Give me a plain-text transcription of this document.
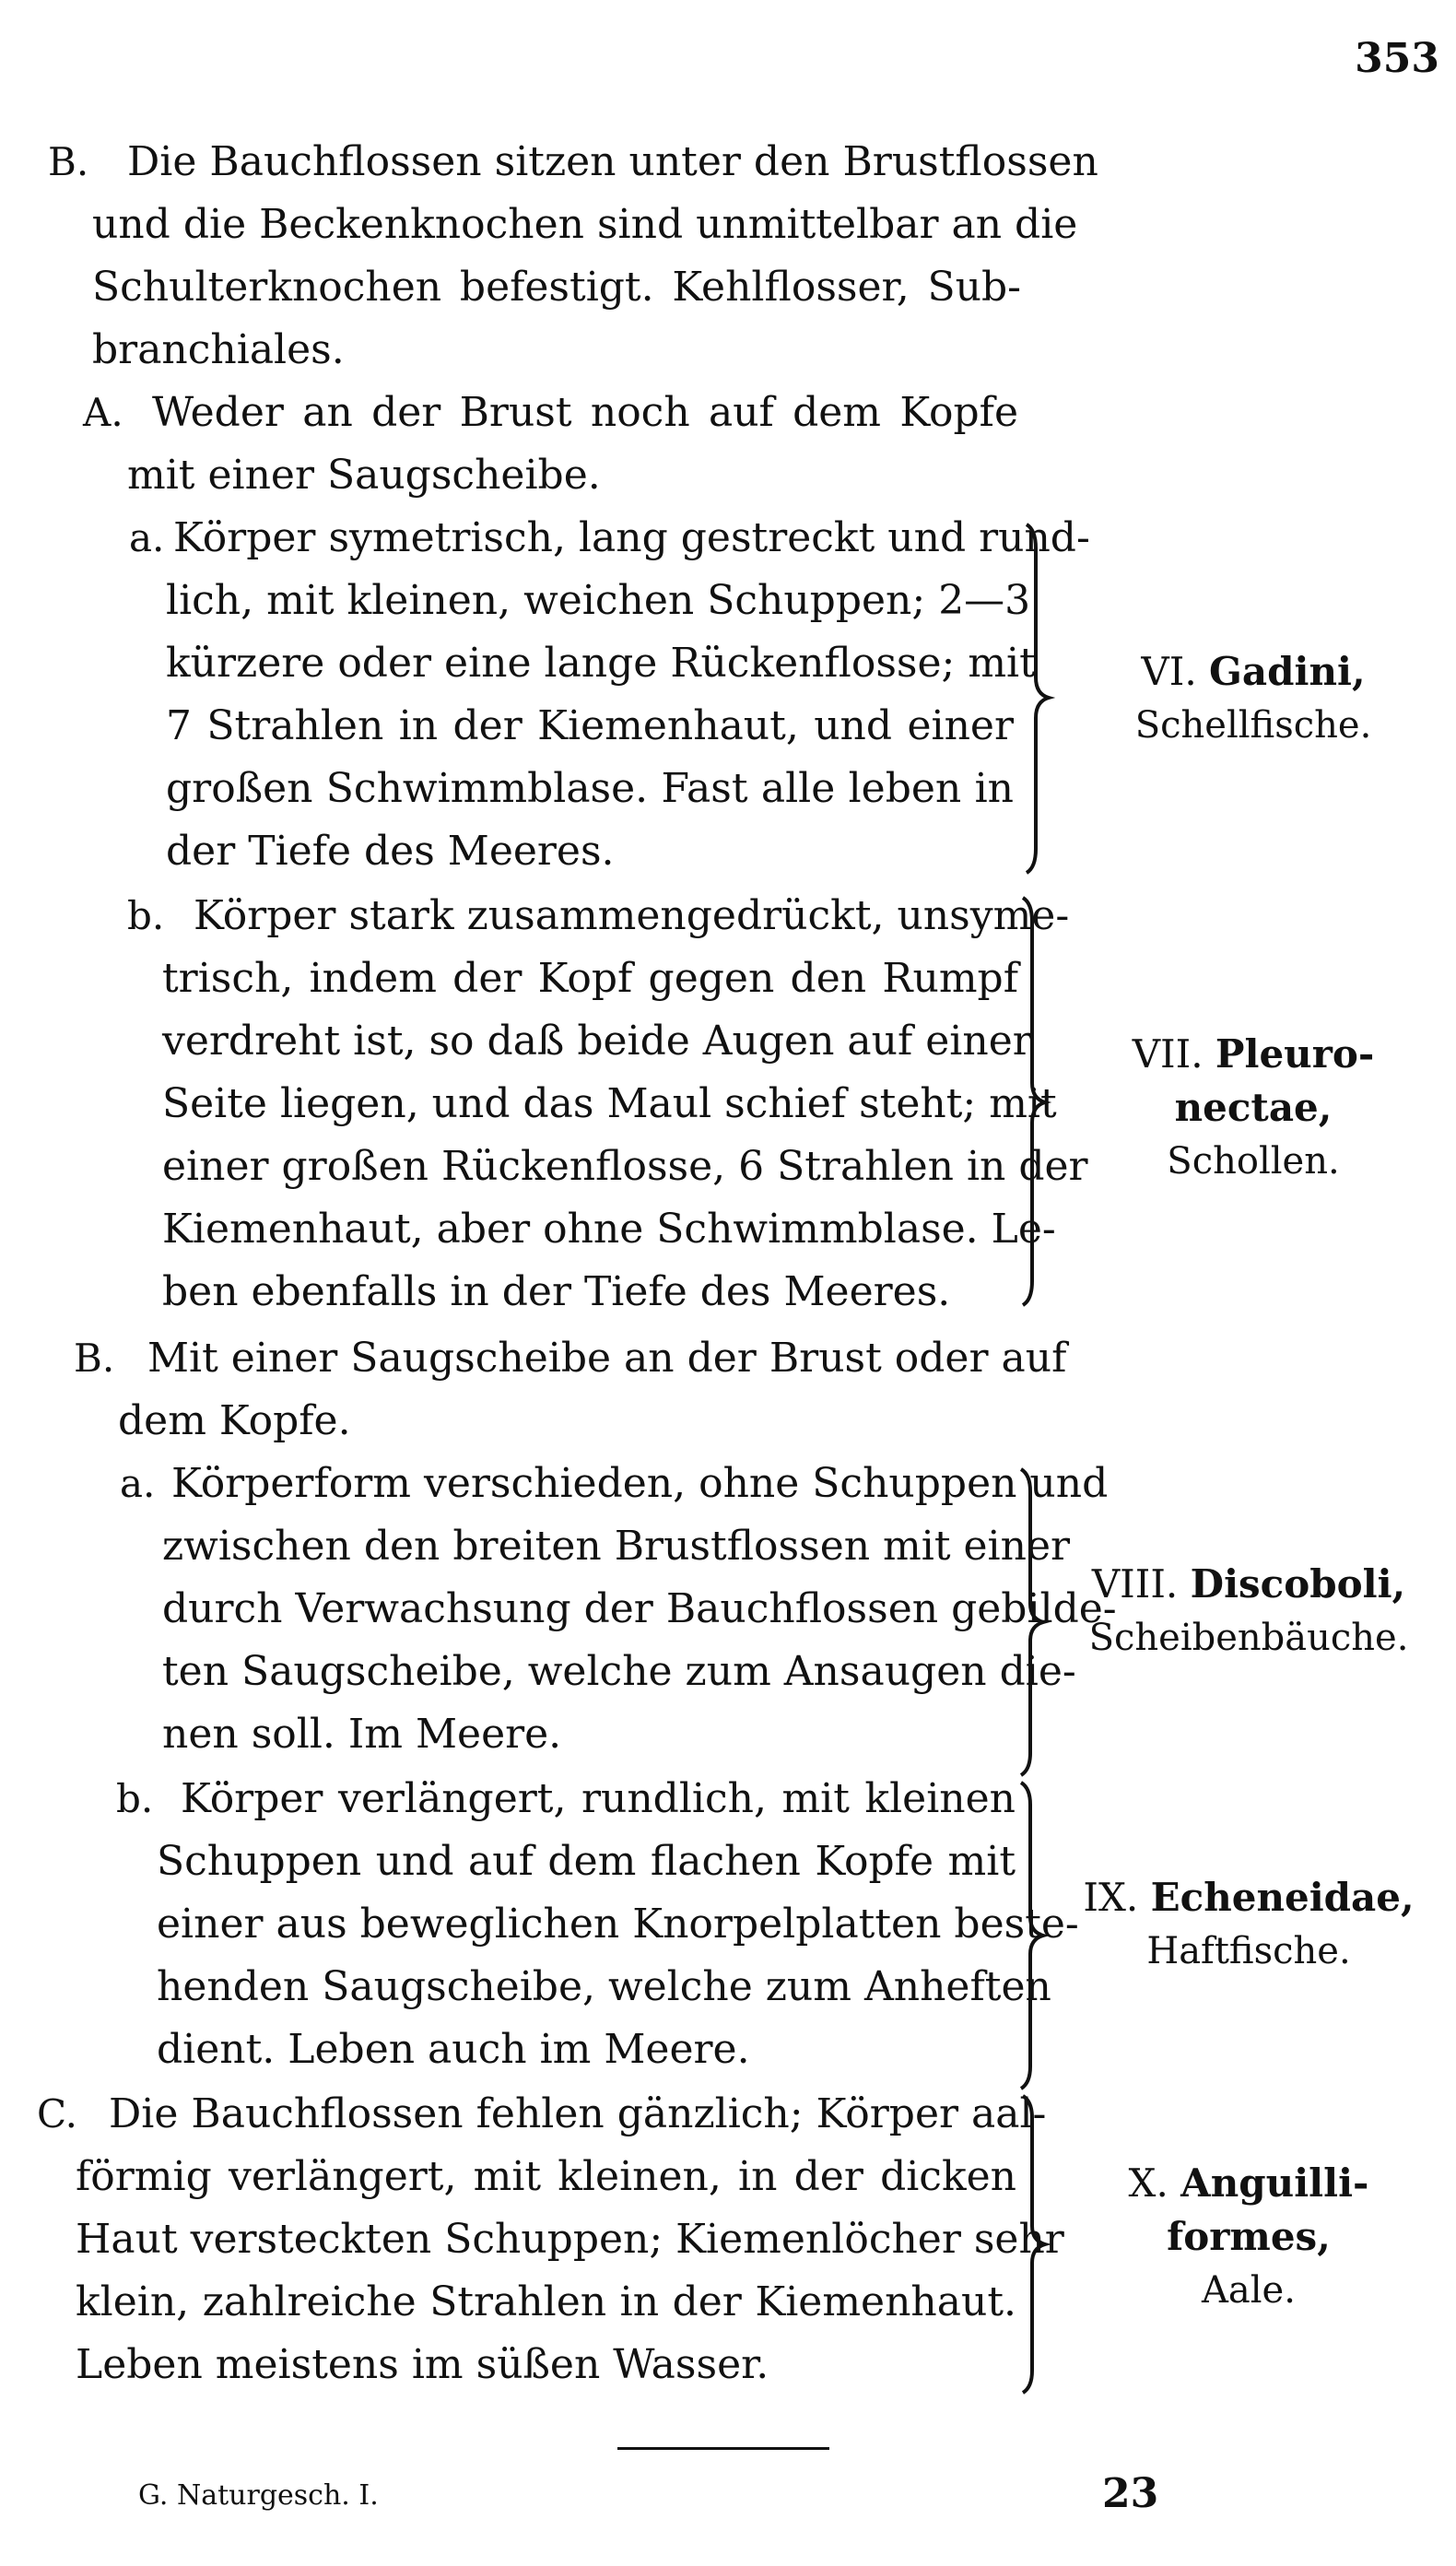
353
B. Die Bauchflossen sitzen unter den Brustflossen
und die Beckenknochen sind unmittelbar an die
Schulterknochen befestigt. Kehlflosser, Sub-
branchiales.
A. Weder an der Brust noch auf dem Kopfe
mit einer Saugscheibe.
a. Körper symetrisch, lang gestreckt und rund-
lich, mit kleinen, weichen Schuppen; 2—3
kürzere oder eine lange Rückenflosse; mit
7 Strahlen in der Kiemenhaut, und einer
großen Schwimmblase. Fast alle leben in
der Tiefe des Meeres.
VI. Gadini,
Schellfische.
b. Körper stark zusammengedrückt, unsyme-
trisch, indem der Kopf gegen den Rumpf
verdreht ist, so daß beide Augen auf einer
Seite liegen, und das Maul schief steht; mit
einer großen Rückenflosse, 6 Strahlen in der
Kiemenhaut, aber ohne Schwimmblase. Le-
ben ebenfalls in der Tiefe des Meeres.
VII. Pleuro-
nectae,
Schollen.
B. Mit einer Saugscheibe an der Brust oder auf
dem Kopfe.
a. Körperform verschieden, ohne Schuppen und
zwischen den breiten Brustflossen mit einer
durch Verwachsung der Bauchflossen gebilde-
ten Saugscheibe, welche zum Ansaugen die-
nen soll. Im Meere.
VIII. Discoboli,
Scheibenbäuche.
b. Körper verlängert, rundlich, mit kleinen
Schuppen und auf dem flachen Kopfe mit
einer aus beweglichen Knorpelplatten beste-
henden Saugscheibe, welche zum Anheften
dient. Leben auch im Meere.
IX. Echeneidae,
Haftfische.
C. Die Bauchflossen fehlen gänzlich; Körper aal-
förmig verlängert, mit kleinen, in der dicken
Haut versteckten Schuppen; Kiemenlöcher sehr
klein, zahlreiche Strahlen in der Kiemenhaut.
Leben meistens im süßen Wasser.
X. Anguilli-
formes,
Aale.
G. Naturgesch. I.	23
